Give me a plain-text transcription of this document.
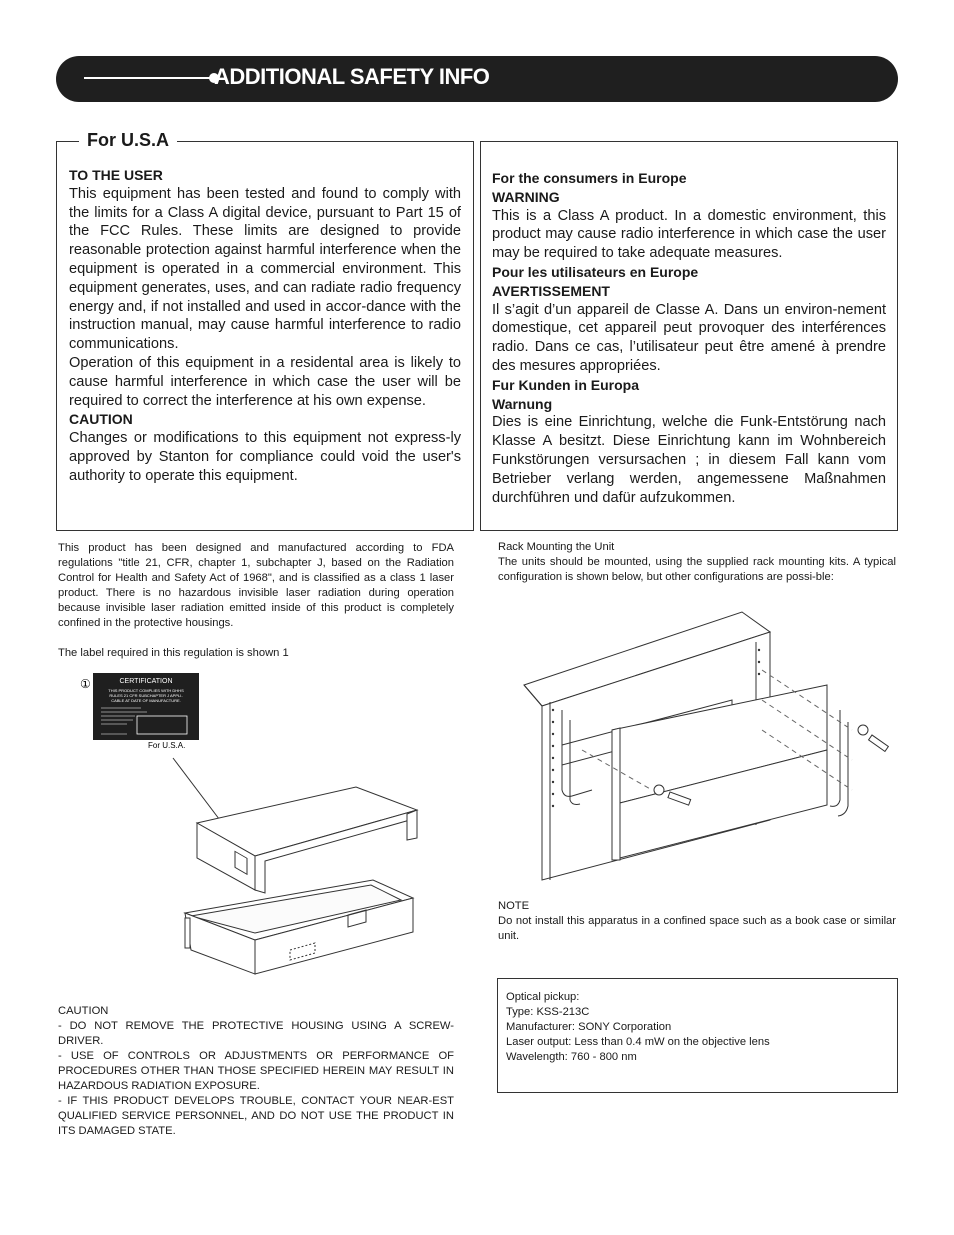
ADDITIONAL SAFETY INFO
For U.S.A

TO THE USER

This equipment has been tested and found to comply with the limits for a Class A digital device, pursuant to Part 15 of the FCC Rules. These limits are designed to provide reasonable protection against harmful interference when the equipment is operated in a commercial environment. This equipment generates, uses, and can radiate radio frequency energy and, if not installed and used in accor-dance with the instruction manual, may cause harmful interference to radio communications.

Operation of this equipment in a residental area is likely to cause harmful interference in which case the user will be required to correct the interference at his own expense.

CAUTION

Changes or modifications to this equipment not express-ly approved by Stanton for compliance could void the user's authority to operate this equipment.

For the consumers in Europe

WARNING

This is a Class A product. In a domestic environment, this product may cause radio interference in which case the user may be required to take adequate measures.

Pour les utilisateurs en Europe

AVERTISSEMENT

Il s’agit d’un appareil de Classe A. Dans un environ-nement domestique, cet appareil peut provoquer des interférences radio. Dans ce cas, l’utilisateur peut être amené à prendre des mesures appropriées.

Fur Kunden in Europa

Warnung

Dies is eine Einrichtung, welche die Funk-Entstörung nach Klasse A besitzt. Diese Einrichtung kann im Wohnbereich Funkstörungen versursachen ; in diesem Fall kann vom Betrieber verlang werden, angemessene Maßnahmen durchführen und dafür aufzukommen.

This product has been designed and manufactured according to FDA regulations "title 21, CFR, chapter 1, subchapter J, based on the Radiation Control for Health and Safety Act of 1968", and is classified as a class 1 laser product. There is no hazardous invisible laser radiation during operation because invisible laser radiation emitted inside of this product is completely confined in the protective housings.

The label required in this regulation is shown 1

①	CERTIFICATION
THIS PRODUCT COMPLIES WITH DHHS
RULES 21 CFR SUBCHAPTER J APPLI-
CABLE AT DATE OF MANUFACTURE.
For U.S.A.

CAUTION

- DO NOT REMOVE THE PROTECTIVE HOUSING USING A SCREW-DRIVER.

- USE OF CONTROLS OR ADJUSTMENTS OR PERFORMANCE OF PROCEDURES OTHER THAN THOSE SPECIFIED HEREIN MAY RESULT IN HAZARDOUS RADIATION EXPOSURE.

- IF THIS PRODUCT DEVELOPS TROUBLE, CONTACT YOUR NEAR-EST QUALIFIED SERVICE PERSONNEL, AND DO NOT USE THE PRODUCT IN ITS DAMAGED STATE.

Rack Mounting the Unit

The units should be mounted, using the supplied rack mounting kits. A typical configuration is shown below, but other configurations are possi-ble:

NOTE

Do not install this apparatus in a confined space such as a book case or similar unit.

Optical pickup:

Type: KSS-213C

Manufacturer: SONY Corporation

Laser output: Less than 0.4 mW on the objective lens

Wavelength: 760 - 800 nm
